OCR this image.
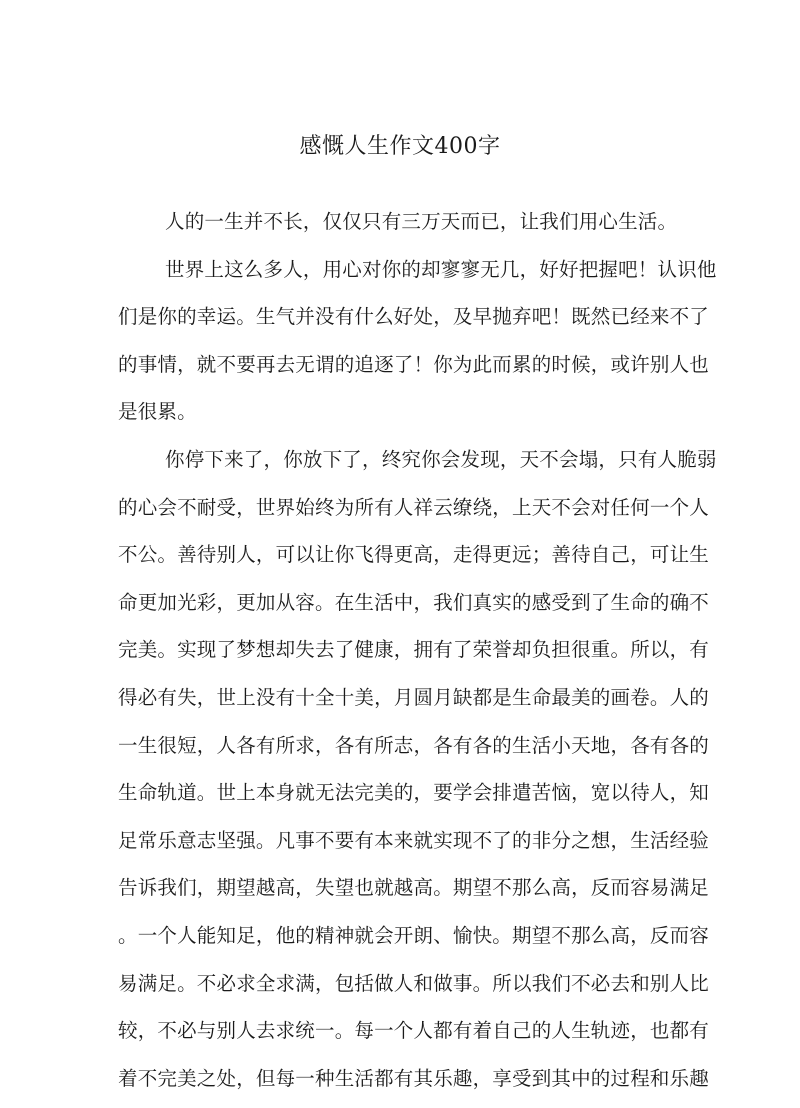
感慨人生作文400字
人的一生并不长，仅仅只有三万天而已，让我们用心生活。
世界上这么多人，用心对你的却寥寥无几，好好把握吧！认识他
们是你的幸运。生气并没有什么好处，及早抛弃吧！既然已经来不了
的事情，就不要再去无谓的追逐了！你为此而累的时候，或许别人也
是很累。
你停下来了，你放下了，终究你会发现，天不会塌，只有人脆弱
的心会不耐受，世界始终为所有人祥云缭绕，上天不会对任何一个人
不公。善待别人，可以让你飞得更高，走得更远；善待自己，可让生
命更加光彩，更加从容。在生活中，我们真实的感受到了生命的确不
完美。实现了梦想却失去了健康，拥有了荣誉却负担很重。所以，有
得必有失，世上没有十全十美，月圆月缺都是生命最美的画卷。人的
一生很短，人各有所求，各有所志，各有各的生活小天地，各有各的
生命轨道。世上本身就无法完美的，要学会排遣苦恼，宽以待人，知
足常乐意志坚强。凡事不要有本来就实现不了的非分之想，生活经验
告诉我们，期望越高，失望也就越高。期望不那么高，反而容易满足
。一个人能知足，他的精神就会开朗、愉快。期望不那么高，反而容
易满足。不必求全求满，包括做人和做事。所以我们不必去和别人比
较，不必与别人去求统一。每一个人都有着自己的人生轨迹，也都有
着不完美之处，但每一种生活都有其乐趣，享受到其中的过程和乐趣
